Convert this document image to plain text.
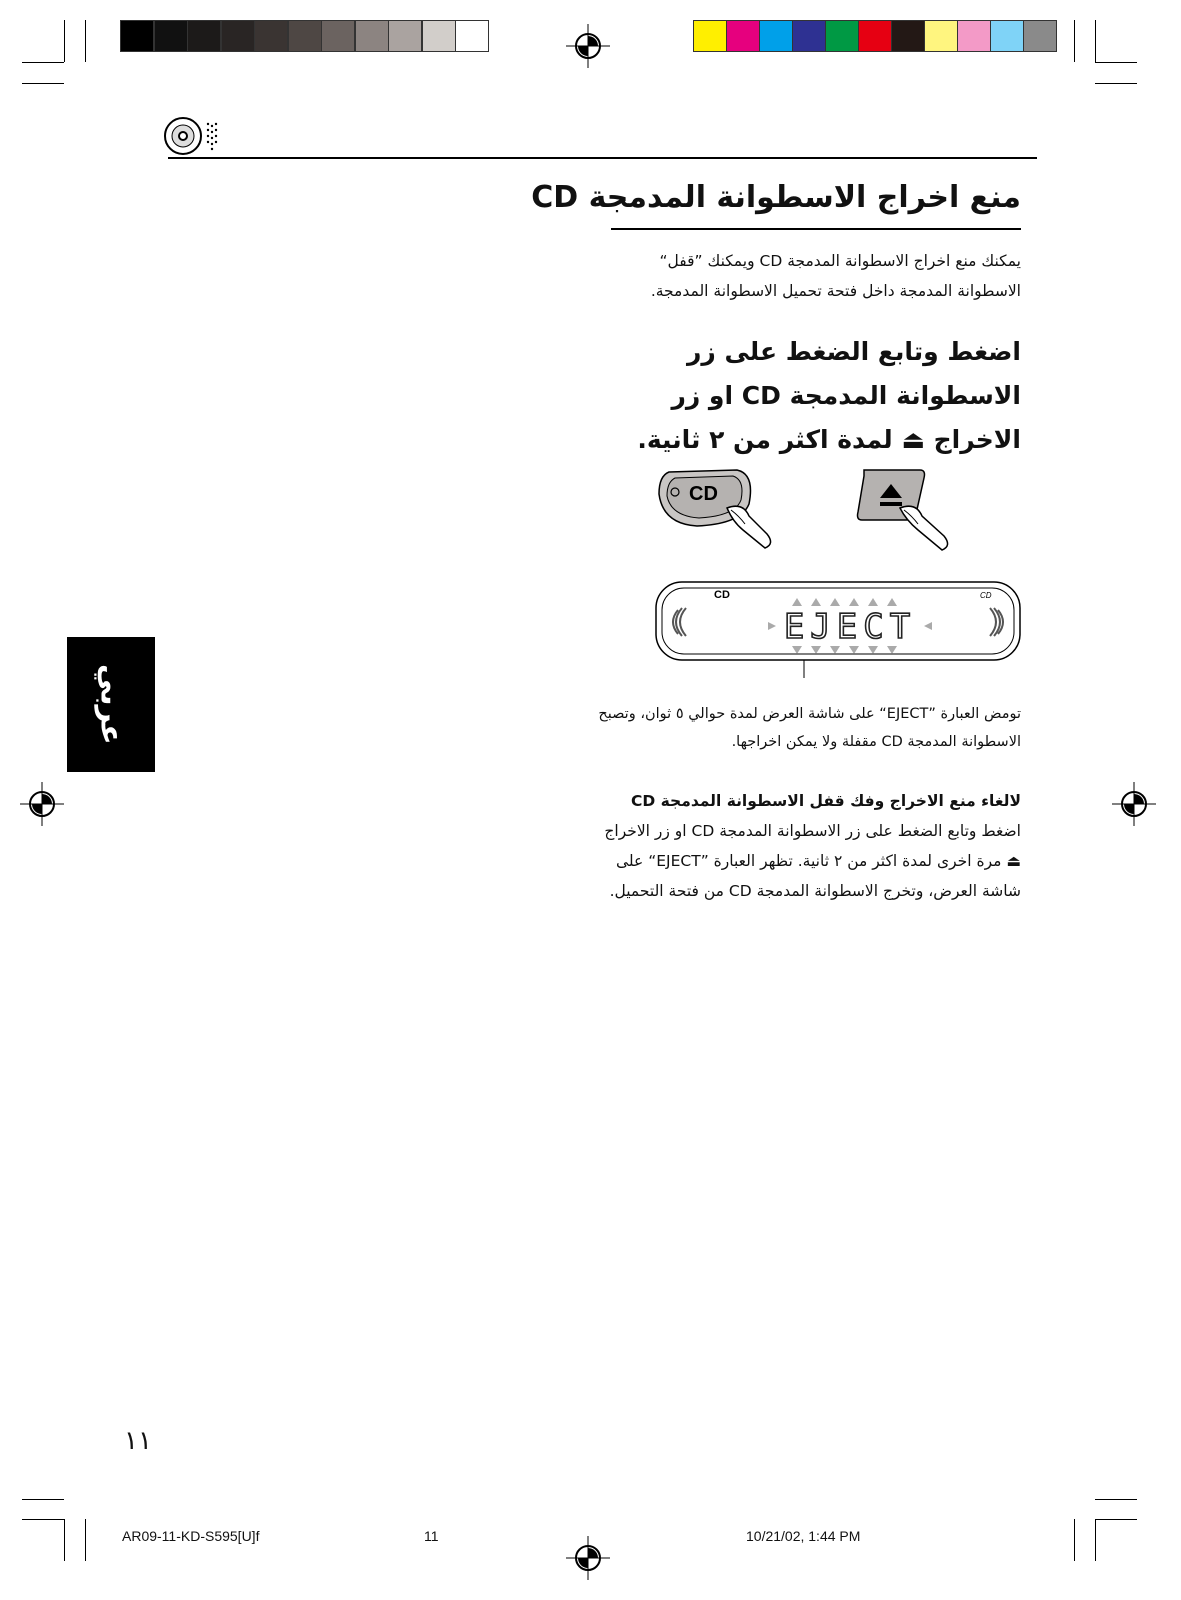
منع اخراج الاسطوانة المدمجة CD
يمكنك منع اخراج الاسطوانة المدمجة CD ويمكنك ”قفل“ الاسطوانة المدمجة داخل فتحة تحميل الاسطوانة المدمجة.
اضغط وتابع الضغط على زر الاسطوانة المدمجة CD او زر الاخراج ⏏ لمدة اكثر من ٢ ثانية.
CD
CD	CD
EJECT
تومض العبارة ”EJECT“ على شاشة العرض لمدة حوالي ٥ ثوان، وتصبح الاسطوانة المدمجة CD مقفلة ولا يمكن اخراجها.
لالغاء منع الاخراج وفك قفل الاسطوانة المدمجة CD اضغط وتابع الضغط على زر الاسطوانة المدمجة CD او زر الاخراج ⏏ مرة اخرى لمدة اكثر من ٢ ثانية. تظهر العبارة ”EJECT“ على شاشة العرض، وتخرج الاسطوانة المدمجة CD من فتحة التحميل.
عربي
١١
AR09-11-KD-S595[U]f	11	10/21/02, 1:44 PM
